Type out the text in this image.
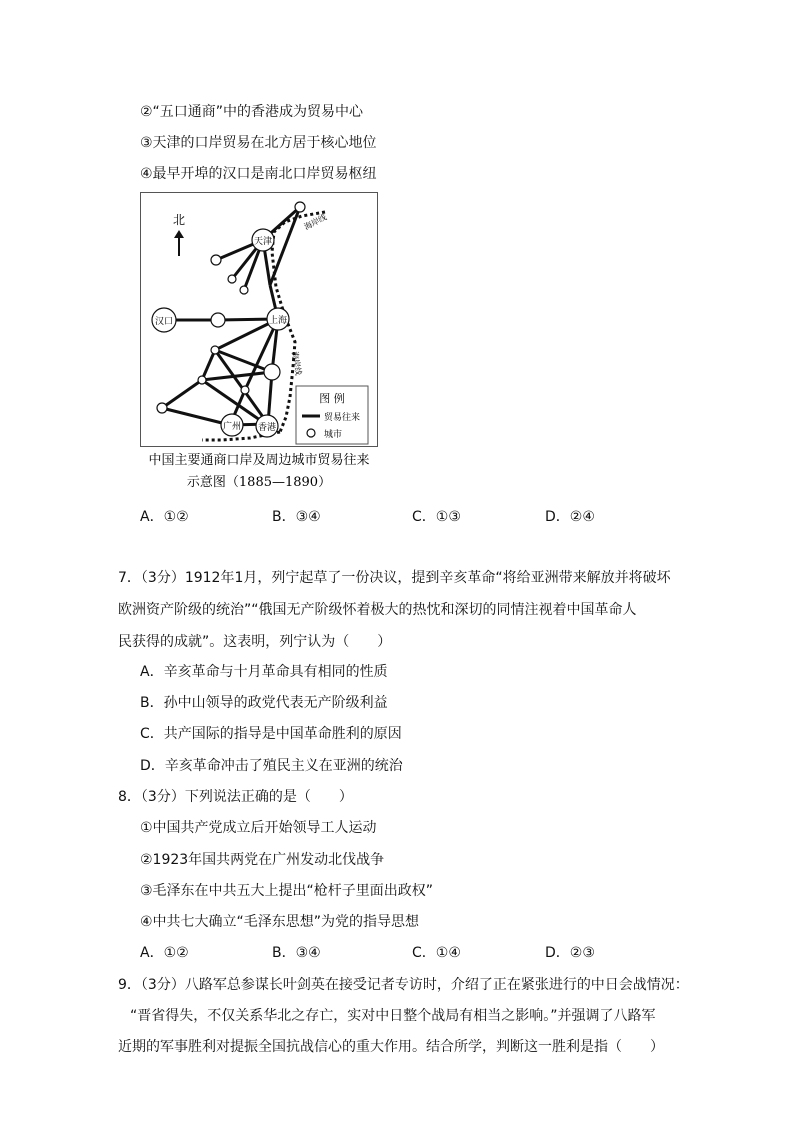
②“五口通商”中的香港成为贸易中心
③天津的口岸贸易在北方居于核心地位
④最早开埠的汉口是南北口岸贸易枢纽
北	海岸线
海岸线
天津
汉口	上海
广州 香港
图 例
贸易往来
城市
中国主要通商口岸及周边城市贸易往来
示意图（1885—1890）
A．①②	B．③④	C．①③	D．②④
7．（3分）1912年1月，列宁起草了一份决议，提到辛亥革命“将给亚洲带来解放并将破坏
欧洲资产阶级的统治”“俄国无产阶级怀着极大的热忱和深切的同情注视着中国革命人
民获得的成就”。这表明，列宁认为（　　）
A．辛亥革命与十月革命具有相同的性质
B．孙中山领导的政党代表无产阶级利益
C．共产国际的指导是中国革命胜利的原因
D．辛亥革命冲击了殖民主义在亚洲的统治
8．（3分）下列说法正确的是（　　）
①中国共产党成立后开始领导工人运动
②1923年国共两党在广州发动北伐战争
③毛泽东在中共五大上提出“枪杆子里面出政权”
④中共七大确立“毛泽东思想”为党的指导思想
A．①②	B．③④	C．①④	D．②③
9．（3分）八路军总参谋长叶剑英在接受记者专访时，介绍了正在紧张进行的中日会战情况：
“晋省得失，不仅关系华北之存亡，实对中日整个战局有相当之影响。”并强调了八路军
近期的军事胜利对提振全国抗战信心的重大作用。结合所学，判断这一胜利是指（　　）
